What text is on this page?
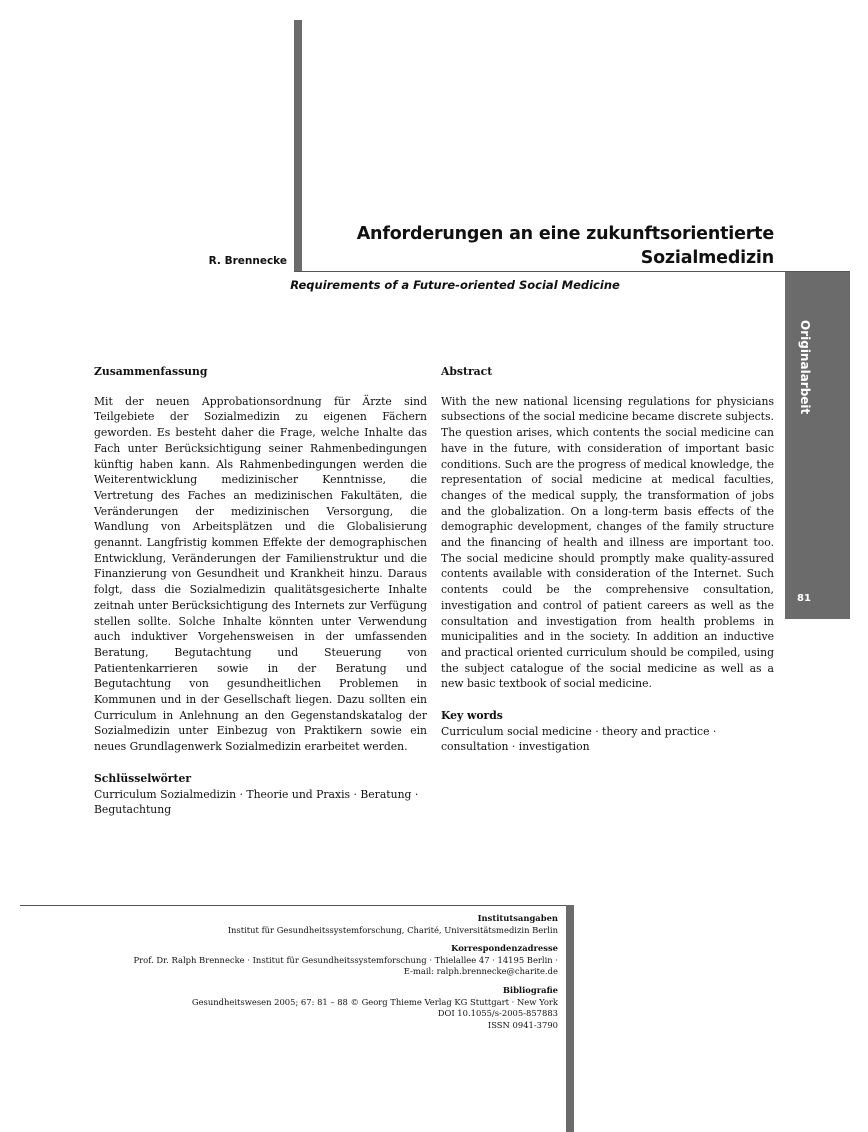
R. Brennecke
Anforderungen an eine zukunftsorientierte
Sozialmedizin
Requirements of a Future-oriented Social Medicine
Originalarbeit
81
Zusammenfassung

Mit der neuen Approbationsordnung für Ärzte sind Teilgebiete der Sozialmedizin zu eigenen Fächern geworden. Es besteht daher die Frage, welche Inhalte das Fach unter Berücksichtigung seiner Rahmenbedingungen künftig haben kann. Als Rahmenbedingungen werden die Weiterentwicklung medizinischer Kenntnisse, die Vertretung des Faches an medizinischen Fakultäten, die Veränderungen der medizinischen Versorgung, die Wandlung von Arbeitsplätzen und die Globalisierung genannt. Langfristig kommen Effekte der demographischen Entwicklung, Veränderungen der Familienstruktur und die Finanzierung von Gesundheit und Krankheit hinzu. Daraus folgt, dass die Sozialmedizin qualitätsgesicherte Inhalte zeitnah unter Berücksichtigung des Internets zur Verfügung stellen sollte. Solche Inhalte könnten unter Verwendung auch induktiver Vorgehensweisen in der umfassenden Beratung, Begutachtung und Steuerung von Patientenkarrieren sowie in der Beratung und Begutachtung von gesundheitlichen Problemen in Kommunen und in der Gesellschaft liegen. Dazu sollten ein Curriculum in Anlehnung an den Gegenstandskatalog der Sozialmedizin unter Einbezug von Praktikern sowie ein neues Grundlagenwerk Sozialmedizin erarbeitet werden.

Schlüsselwörter

Curriculum Sozialmedizin · Theorie und Praxis · Beratung · Begutachtung

Abstract

With the new national licensing regulations for physicians subsections of the social medicine became discrete subjects. The question arises, which contents the social medicine can have in the future, with consideration of important basic conditions. Such are the progress of medical knowledge, the representation of social medicine at medical faculties, changes of the medical supply, the transformation of jobs and the globalization. On a long-term basis effects of the demographic development, changes of the family structure and the financing of health and illness are important too. The social medicine should promptly make quality-assured contents available with consideration of the Internet. Such contents could be the comprehensive consultation, investigation and control of patient careers as well as the consultation and investigation from health problems in municipalities and in the society. In addition an inductive and practical oriented curriculum should be compiled, using the subject catalogue of the social medicine as well as a new basic textbook of social medicine.

Key words

Curriculum social medicine · theory and practice · consultation · investigation

Institutsangaben
Institut für Gesundheitssystemforschung, Charité, Universitätsmedizin Berlin
Korrespondenzadresse
Prof. Dr. Ralph Brennecke · Institut für Gesundheitssystemforschung · Thielallee 47 · 14195 Berlin ·
E-mail: ralph.brennecke@charite.de
Bibliografie
Gesundheitswesen 2005; 67: 81 – 88 © Georg Thieme Verlag KG Stuttgart · New York
DOI 10.1055/s-2005-857883
ISSN 0941-3790
